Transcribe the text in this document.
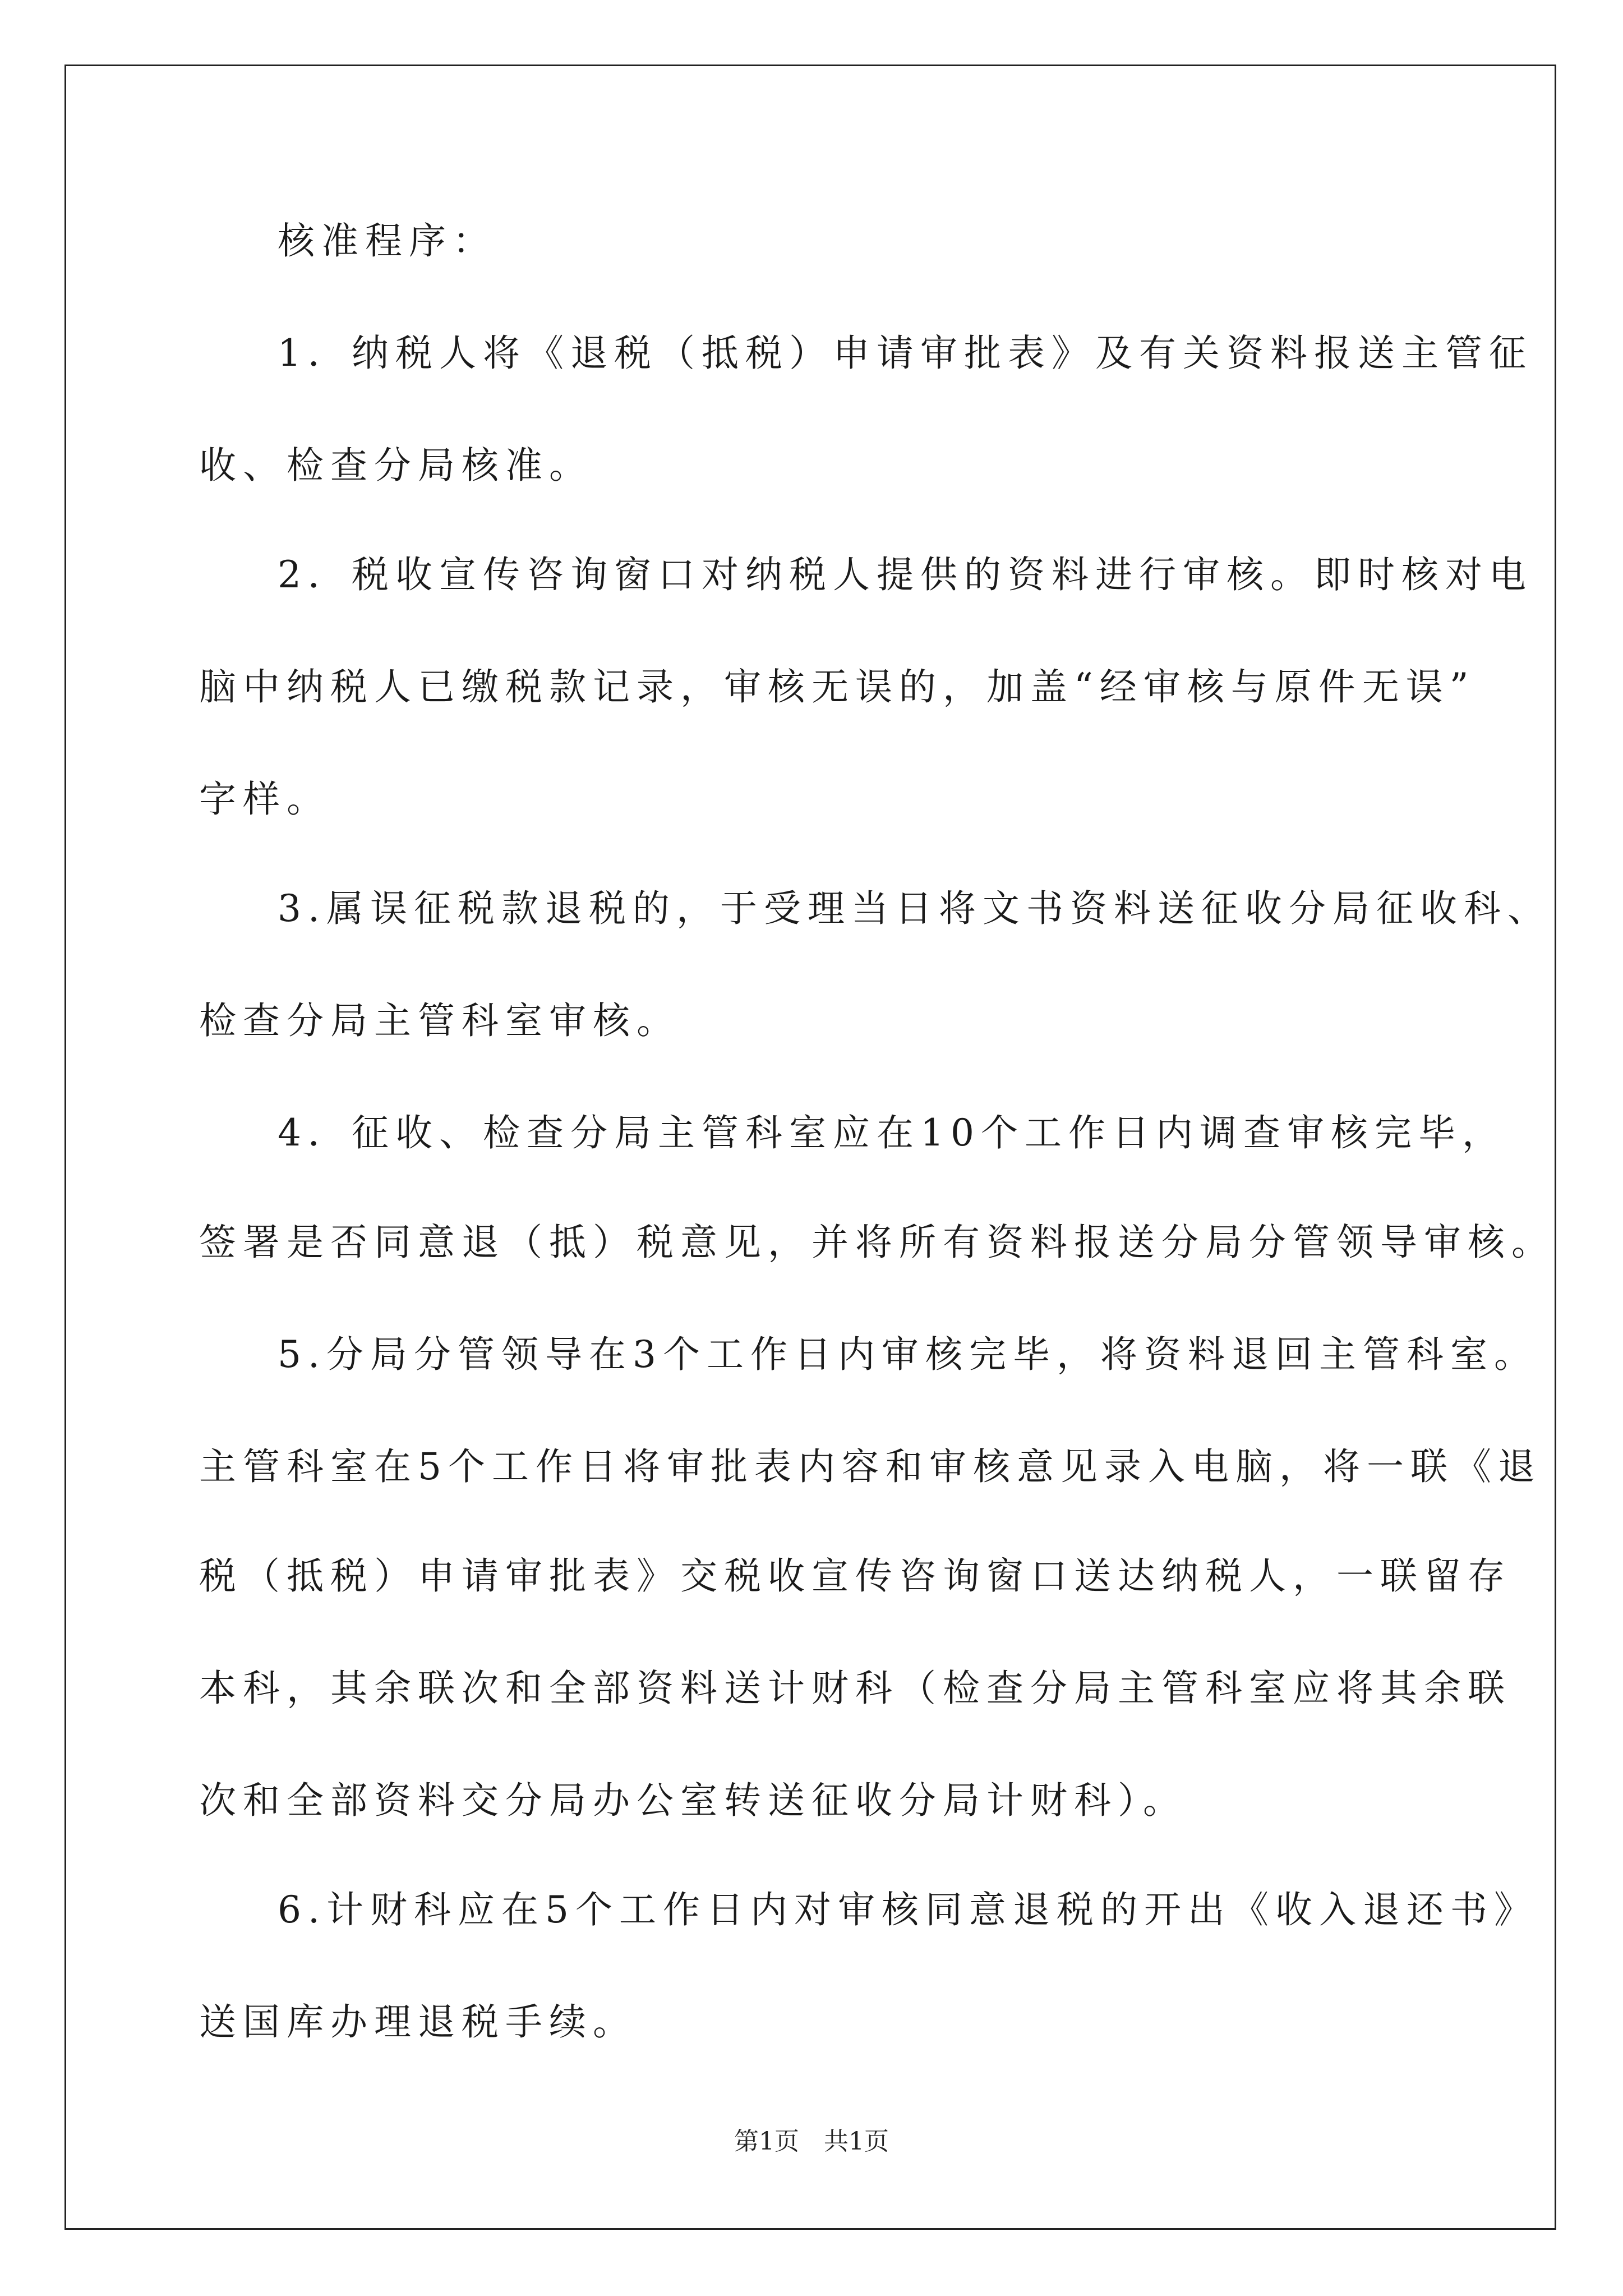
核准程序：
1．纳税人将《退税（抵税）申请审批表》及有关资料报送主管征
收、检查分局核准。
2．税收宣传咨询窗口对纳税人提供的资料进行审核。即时核对电
脑中纳税人已缴税款记录，审核无误的，加盖“经审核与原件无误”
字样。
3.属误征税款退税的，于受理当日将文书资料送征收分局征收科、
检查分局主管科室审核。
4．征收、检查分局主管科室应在10个工作日内调查审核完毕，
签署是否同意退（抵）税意见，并将所有资料报送分局分管领导审核。
5.分局分管领导在3个工作日内审核完毕，将资料退回主管科室。
主管科室在5个工作日将审批表内容和审核意见录入电脑，将一联《退
税（抵税）申请审批表》交税收宣传咨询窗口送达纳税人，一联留存
本科，其余联次和全部资料送计财科（检查分局主管科室应将其余联
次和全部资料交分局办公室转送征收分局计财科）。
6.计财科应在5个工作日内对审核同意退税的开出《收入退还书》
送国库办理退税手续。
第1页　共1页
